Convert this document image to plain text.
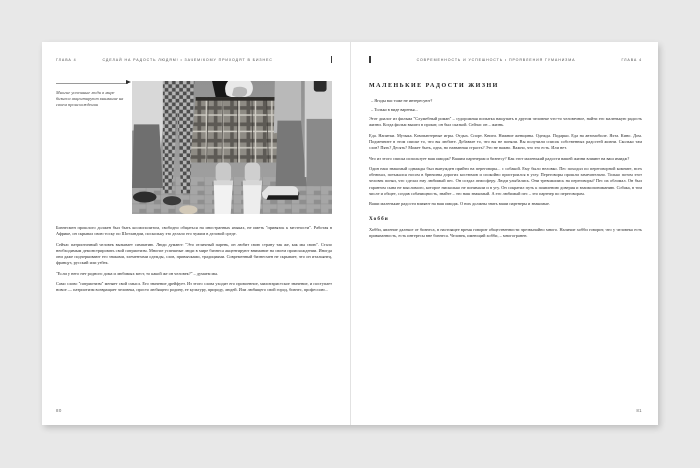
ГЛАВА 4	СДЕЛАЙ НА РАДОСТЬ ЛЮДЯМ! • ЗАЧЕМ/КОМУ ПРИХОДЯТ В БИЗНЕС

Многие успешные люди в мире бизнеса акцентируют внимание на своем происхождении

Бизнесмен прошлого должен был быть космополитом, свободно общаться на иностранных языках, не иметь "привязок к местности". Работая в Африке, он скрывал свою тоску по Шотландии, поскольку это делало его чужим в деловой среде.

Сейчас патриотичный человек вызывает симпатию. Люди думают: "Это отличный парень, он любит свою страну так же, как мы свою". Стало необходимым демонстрировать свой патриотизм. Многие успешные люди в мире бизнеса акцентируют внимание на своем происхождении. Иногда они даже подчеркивают его знаками, элементами одежды, слов, привычками, традициями. Современный бизнесмен не скрывает, что он итальянец, француз, русский или узбек.

"Если у него нет родного дома и любимых мест, то какой же он человек?" – думаем мы.

Само слово "патриотизм" меняет свой смысл. Его значение дрейфует. Из этого слова уходит его провоенное, милитаристское значение, и поступает новое — патриотизм возвращает человека, просто любящего родину, ее культуру, природу, людей. Или любящего свой город, бизнес, профессию...

80
СОВРЕМЕННОСТЬ И УСПЕШНОСТЬ • ПРОЯВЛЕНИЯ ГУМАНИЗМА	ГЛАВА 4
МАЛЕНЬКИЕ РАДОСТИ ЖИЗНИ

– Ягоды вас тоже не интересуют?

– Только в виде варенья...

Этот диалог из фильма "Служебный роман" – судорожная попытка нащупать в другом человеке что-то человечное, найти его маленькую радость жизни. Когда фильм вышел в прокат, он был сказкой. Сейчас он – жизнь.

Еда. Напитки. Музыка. Компьютерные игры. Отдых. Спорт. Книги. Нижние женщины. Одежда. Подарки. Еда на автомобиле. Яхта. Кино. Дом. Подмечните в этом списке то, что вы любите. Добавьте то, что вы не поняли. Вы получили список собственных радостей жизни. Сколько там слов? Пять? Десять? Может быть, одна, но названная страсть? Это не важно. Важно, что это есть. Или нет.

Что из этого списка использует ваш имидж? Вашим партнерам и бизнесу? Как этот маленький радости вашей жизни влияют на ваш имидж?

Один наш знакомый однажды был вынужден прийти на переговоры... с собакой. Ему было неловко. Пес походил по переговорной комнате, всех обнюхал, потыкался носом в брючины дорогих костюмов и спокойно пристроился в углу. Переговоры прошли замечательно. Только потом этот человек понял, что сделал ему любимый пес. Он создал атмосферу. Люди улыбались. Они тревожились на переговоры? Пес их обломал. Он был гарантом сына не мыслимого, которое нисколько не понимали и в угу. Он сократил путь к появлению доверия и взаимопониманию. Собака, в том числе и общее, создав собачищность, знайте – это наш знакомый. А его любимый пес – это партнер по переговорам.

Ваши маленькие радости влияют на ваш имидж. О них должны знать ваши партнеры и знакомые.

Хобби

Хобби, явление далекое от бизнеса, в настоящее время говорит общественности чрезвычайно много. Наличие хобби говорит, что у человека есть привязанность, есть интересы вне бизнеса. Человек, имеющий хобби, – многогранен.

81
